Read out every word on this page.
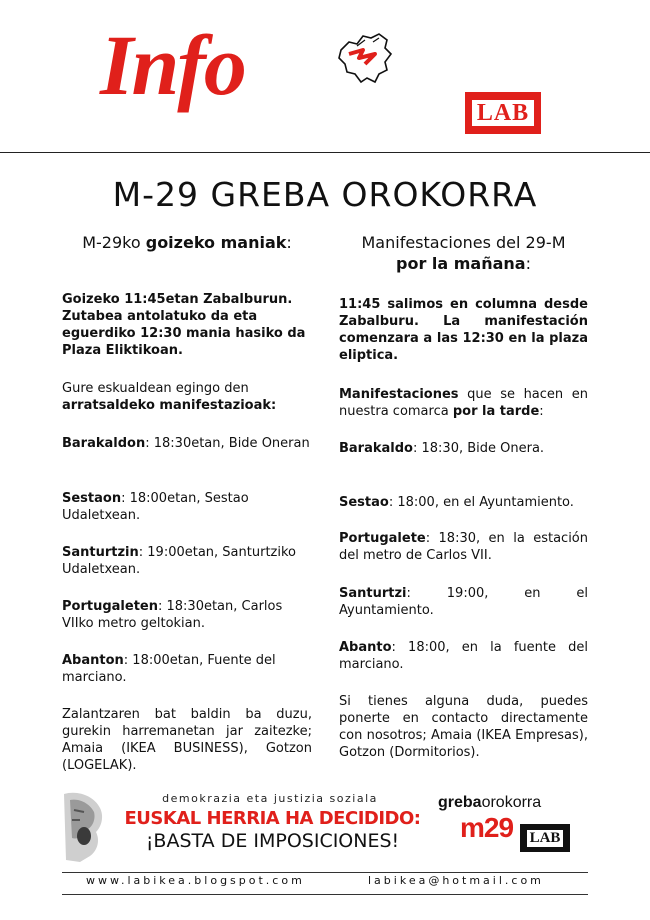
Info	LAB
M-29 GREBA OROKORRA
M-29ko goizeko maniak:

Goizeko 11:45etan Zabalburun. Zutabea antolatuko da eta eguerdiko 12:30 mania hasiko da Plaza Eliktikoan.

Gure eskualdean egingo den
arratsaldeko manifestazioak:

Barakaldon: 18:30etan, Bide Oneran

Sestaon: 18:00etan, Sestao Udaletxean.

Santurtzin: 19:00etan, Santurtziko Udaletxean.

Portugaleten: 18:30etan, Carlos VIIko metro geltokian.

Abanton: 18:00etan, Fuente del marciano.

Zalantzaren bat baldin ba duzu, gurekin harremanetan jar zaitezke; Amaia (IKEA BUSINESS), Gotzon (LOGELAK).

Manifestaciones del 29-M
por la mañana:

11:45 salimos en columna desde Zabalburu. La manifestación comenzara a las 12:30 en la plaza eliptica.

Manifestaciones que se hacen en nuestra comarca por la tarde:

Barakaldo: 18:30, Bide Onera.

Sestao: 18:00, en el Ayuntamiento.

Portugalete: 18:30, en la estación del metro de Carlos VII.

Santurtzi: 19:00, en el Ayuntamiento.

Abanto: 18:00, en la fuente del marciano.

Si tienes alguna duda, puedes ponerte en contacto directamente con nosotros; Amaia (IKEA Empresas), Gotzon (Dormitorios).

demokrazia eta justizia soziala
EUSKAL HERRIA HA DECIDIDO:
¡BASTA DE IMPOSICIONES!
grebaorokorra
m29 LAB
www.labikea.blogspot.com	labikea@hotmail.com
